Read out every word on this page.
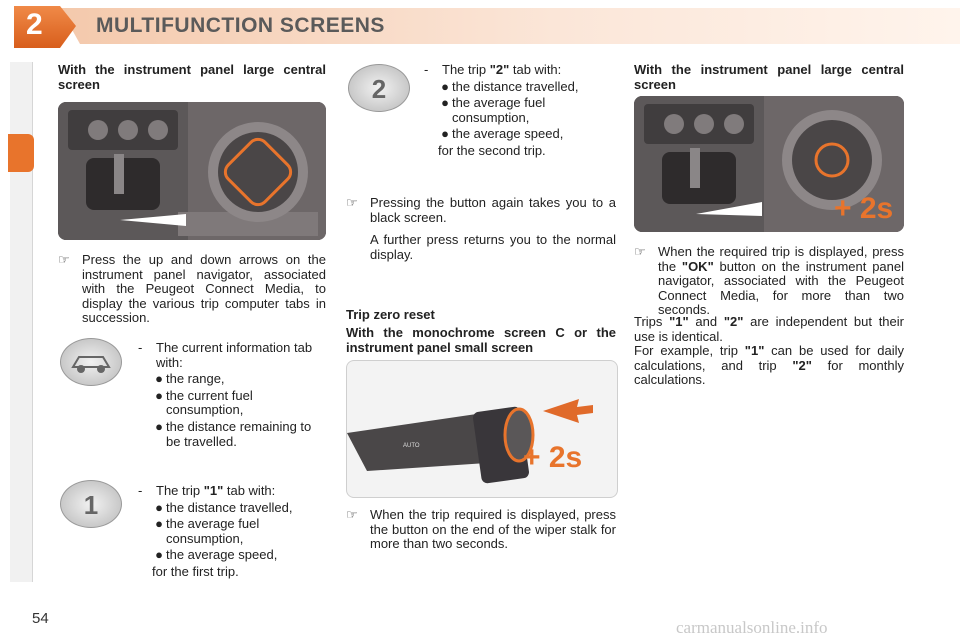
2	MULTIFUNCTION SCREENS
With the instrument panel large central screen
☞ Press the up and down arrows on the instrument panel navigator, associated with the Peugeot Connect Media, to display the various trip computer tabs in succession.
-	The current information tab with:
● the range,
● the current fuel consumption,
● the distance remaining to be travelled.
1	-	The trip "1" tab with:
● the distance travelled,
● the average fuel consumption,
● the average speed,
for the first trip.
2
-	The trip "2" tab with:
● the distance travelled,
● the average fuel consumption,
● the average speed,
for the second trip.
☞ Pressing the button again takes you to a black screen.
A further press returns you to the normal display.
Trip zero reset
With the monochrome screen C or the instrument panel small screen
AUTO	+ 2s
☞ When the trip required is displayed, press the button on the end of the wiper stalk for more than two seconds.
With the instrument panel large central screen
+ 2s
☞ When the required trip is displayed, press the "OK" button on the instrument panel navigator, associated with the Peugeot Connect Media, for more than two seconds.
Trips "1" and "2" are independent but their use is identical.
For example, trip "1" can be used for daily calculations, and trip "2" for monthly calculations.
54	carmanualsonline.info
